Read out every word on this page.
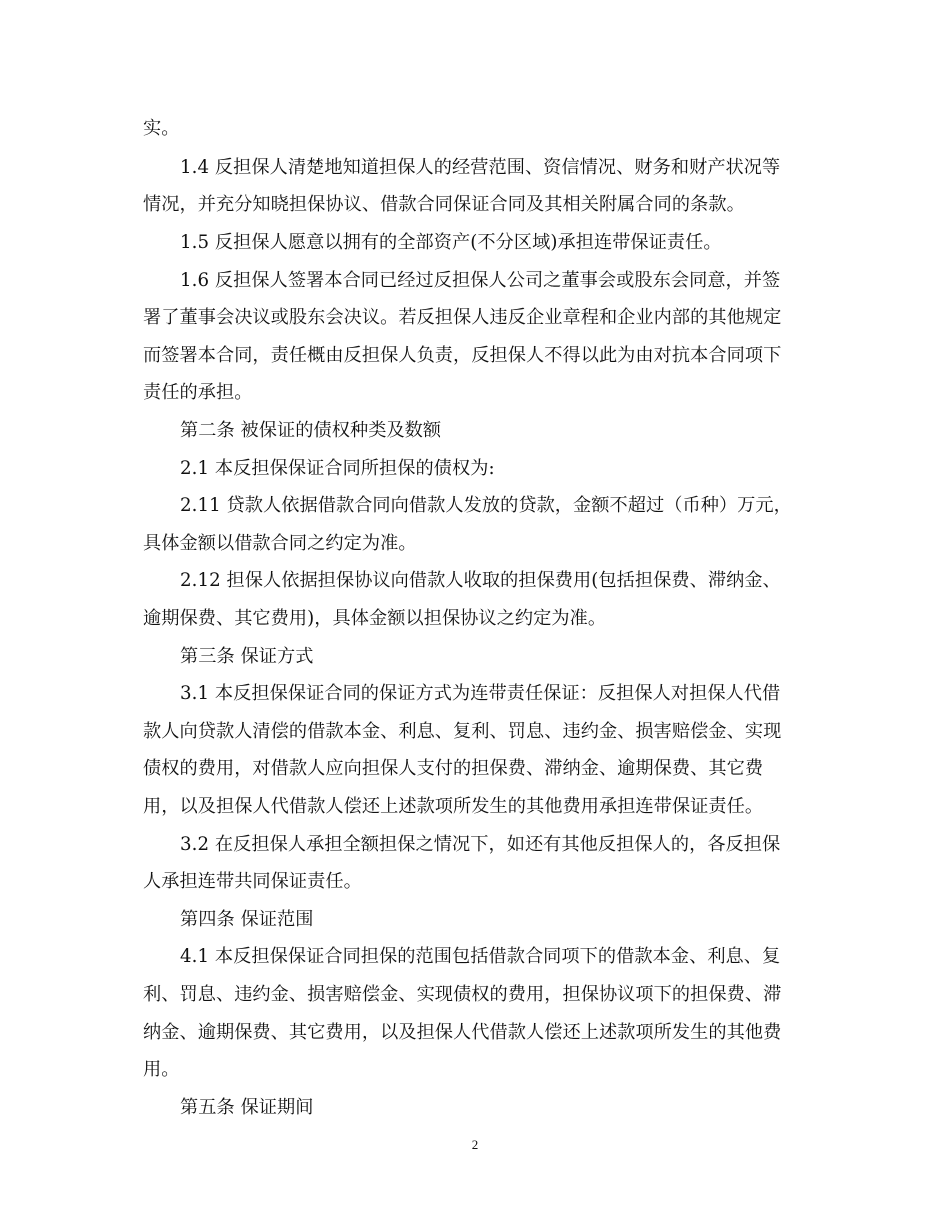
实。
1.4 反担保人清楚地知道担保人的经营范围、资信情况、财务和财产状况等
情况，并充分知晓担保协议、借款合同保证合同及其相关附属合同的条款。
1.5 反担保人愿意以拥有的全部资产(不分区域)承担连带保证责任。
1.6 反担保人签署本合同已经过反担保人公司之董事会或股东会同意，并签
署了董事会决议或股东会决议。若反担保人违反企业章程和企业内部的其他规定
而签署本合同，责任概由反担保人负责，反担保人不得以此为由对抗本合同项下
责任的承担。
第二条 被保证的债权种类及数额
2.1 本反担保保证合同所担保的债权为:
2.11 贷款人依据借款合同向借款人发放的贷款，金额不超过（币种）万元，
具体金额以借款合同之约定为准。
2.12 担保人依据担保协议向借款人收取的担保费用(包括担保费、滞纳金、
逾期保费、其它费用)，具体金额以担保协议之约定为准。
第三条 保证方式
3.1 本反担保保证合同的保证方式为连带责任保证：反担保人对担保人代借
款人向贷款人清偿的借款本金、利息、复利、罚息、违约金、损害赔偿金、实现
债权的费用，对借款人应向担保人支付的担保费、滞纳金、逾期保费、其它费
用，以及担保人代借款人偿还上述款项所发生的其他费用承担连带保证责任。
3.2 在反担保人承担全额担保之情况下，如还有其他反担保人的，各反担保
人承担连带共同保证责任。
第四条 保证范围
4.1 本反担保保证合同担保的范围包括借款合同项下的借款本金、利息、复
利、罚息、违约金、损害赔偿金、实现债权的费用，担保协议项下的担保费、滞
纳金、逾期保费、其它费用，以及担保人代借款人偿还上述款项所发生的其他费
用。
第五条 保证期间
2
